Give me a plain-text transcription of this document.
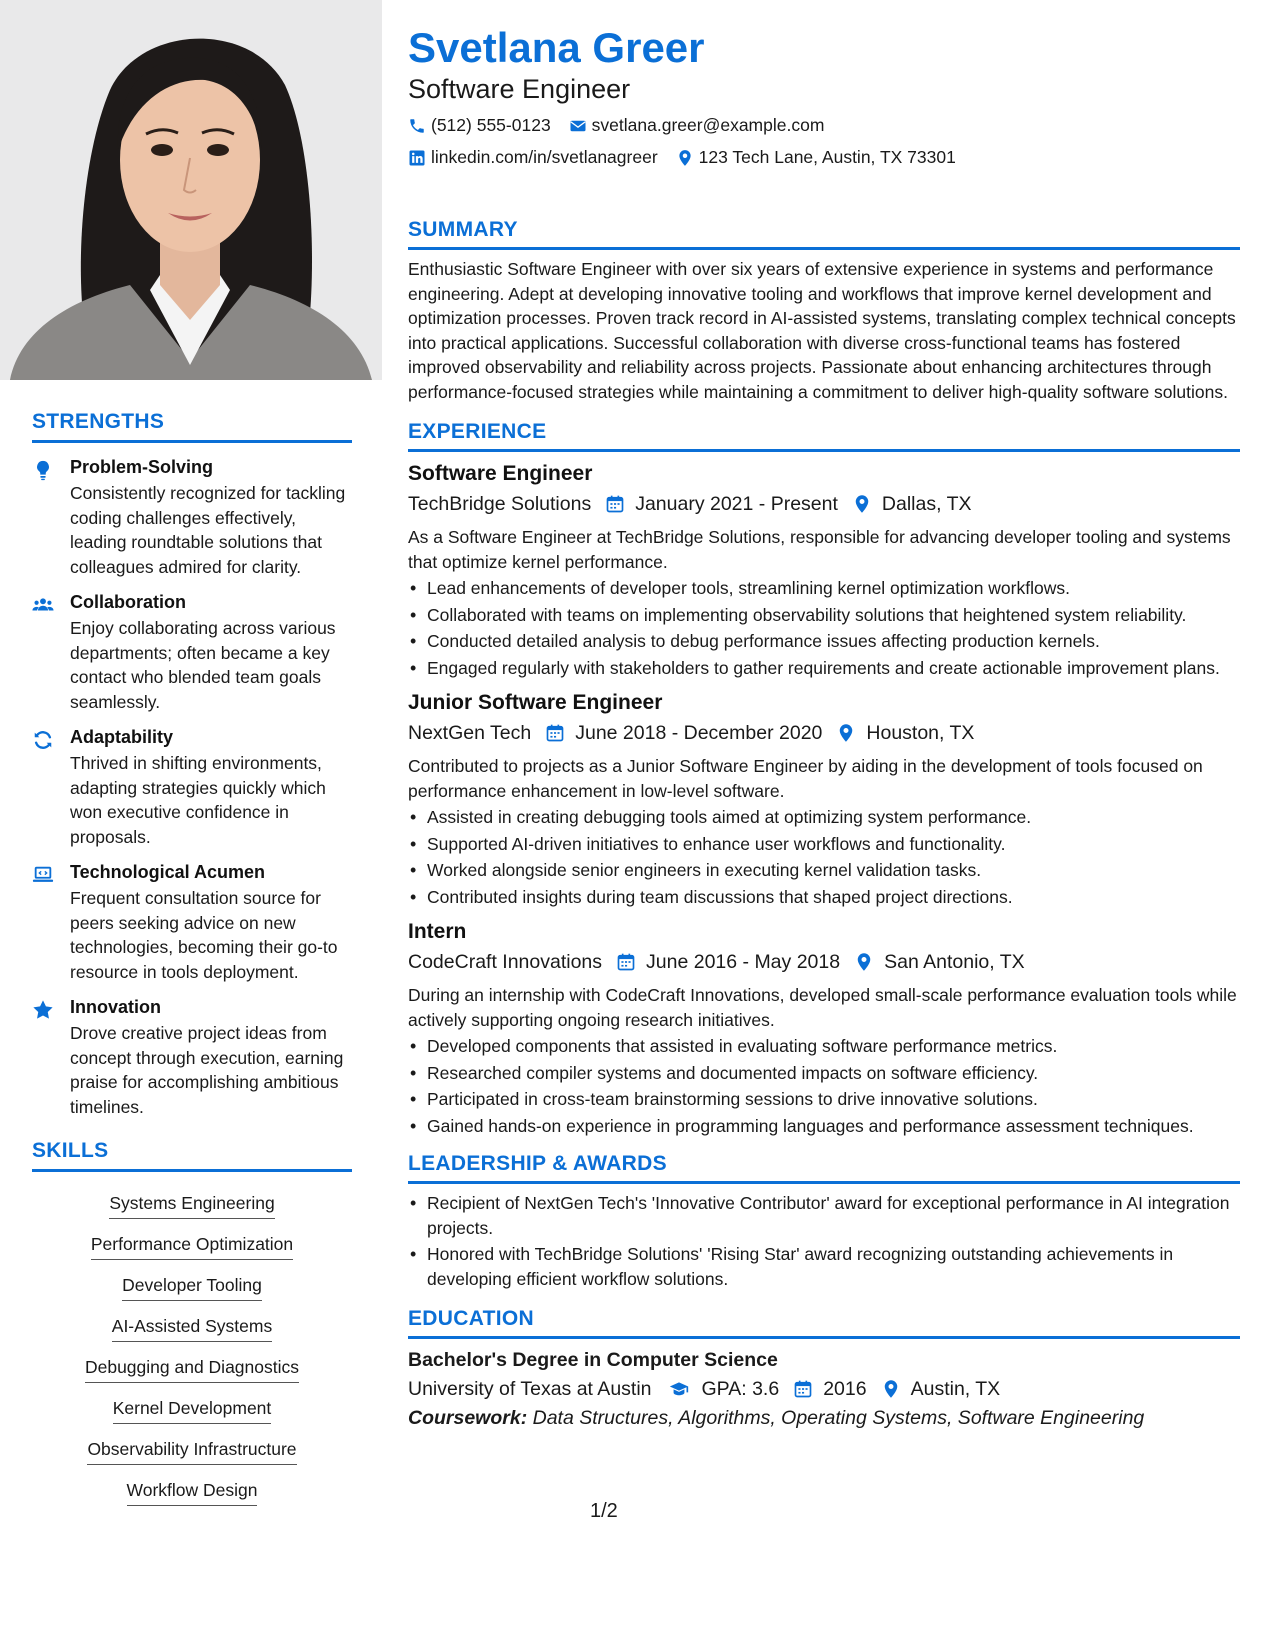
STRENGTHS
Problem-Solving

Consistently recognized for tackling coding challenges effectively, leading roundtable solutions that colleagues admired for clarity.

Collaboration

Enjoy collaborating across various departments; often became a key contact who blended team goals seamlessly.

Adaptability

Thrived in shifting environments, adapting strategies quickly which won executive confidence in proposals.

Technological Acumen

Frequent consultation source for peers seeking advice on new technologies, becoming their go-to resource in tools deployment.

Innovation

Drove creative project ideas from concept through execution, earning praise for accomplishing ambitious timelines.

SKILLS
Systems Engineering
Performance Optimization
Developer Tooling
AI-Assisted Systems
Debugging and Diagnostics
Kernel Development
Observability Infrastructure
Workflow Design
Svetlana Greer
Software Engineer
(512) 555-0123 svetlana.greer@example.com
linkedin.com/in/svetlanagreer 123 Tech Lane, Austin, TX 73301
SUMMARY
Enthusiastic Software Engineer with over six years of extensive experience in systems and performance engineering. Adept at developing innovative tooling and workflows that improve kernel development and optimization processes. Proven track record in AI-assisted systems, translating complex technical concepts into practical applications. Successful collaboration with diverse cross-functional teams has fostered improved observability and reliability across projects. Passionate about enhancing architectures through performance-focused strategies while maintaining a commitment to deliver high-quality software solutions.
EXPERIENCE
Software Engineer
TechBridge Solutions January 2021 - Present Dallas, TX
As a Software Engineer at TechBridge Solutions, responsible for advancing developer tooling and systems that optimize kernel performance.
• Lead enhancements of developer tools, streamlining kernel optimization workflows.
• Collaborated with teams on implementing observability solutions that heightened system reliability.
• Conducted detailed analysis to debug performance issues affecting production kernels.
• Engaged regularly with stakeholders to gather requirements and create actionable improvement plans.
Junior Software Engineer
NextGen Tech June 2018 - December 2020 Houston, TX
Contributed to projects as a Junior Software Engineer by aiding in the development of tools focused on performance enhancement in low-level software.
• Assisted in creating debugging tools aimed at optimizing system performance.
• Supported AI-driven initiatives to enhance user workflows and functionality.
• Worked alongside senior engineers in executing kernel validation tasks.
• Contributed insights during team discussions that shaped project directions.
Intern
CodeCraft Innovations June 2016 - May 2018 San Antonio, TX
During an internship with CodeCraft Innovations, developed small-scale performance evaluation tools while actively supporting ongoing research initiatives.
• Developed components that assisted in evaluating software performance metrics.
• Researched compiler systems and documented impacts on software efficiency.
• Participated in cross-team brainstorming sessions to drive innovative solutions.
• Gained hands-on experience in programming languages and performance assessment techniques.
LEADERSHIP & AWARDS
• Recipient of NextGen Tech's 'Innovative Contributor' award for exceptional performance in AI integration projects.
• Honored with TechBridge Solutions' 'Rising Star' award recognizing outstanding achievements in developing efficient workflow solutions.
EDUCATION
Bachelor's Degree in Computer Science
University of Texas at Austin	GPA: 3.6 2016 Austin, TX
Coursework: Data Structures, Algorithms, Operating Systems, Software Engineering
1/2
